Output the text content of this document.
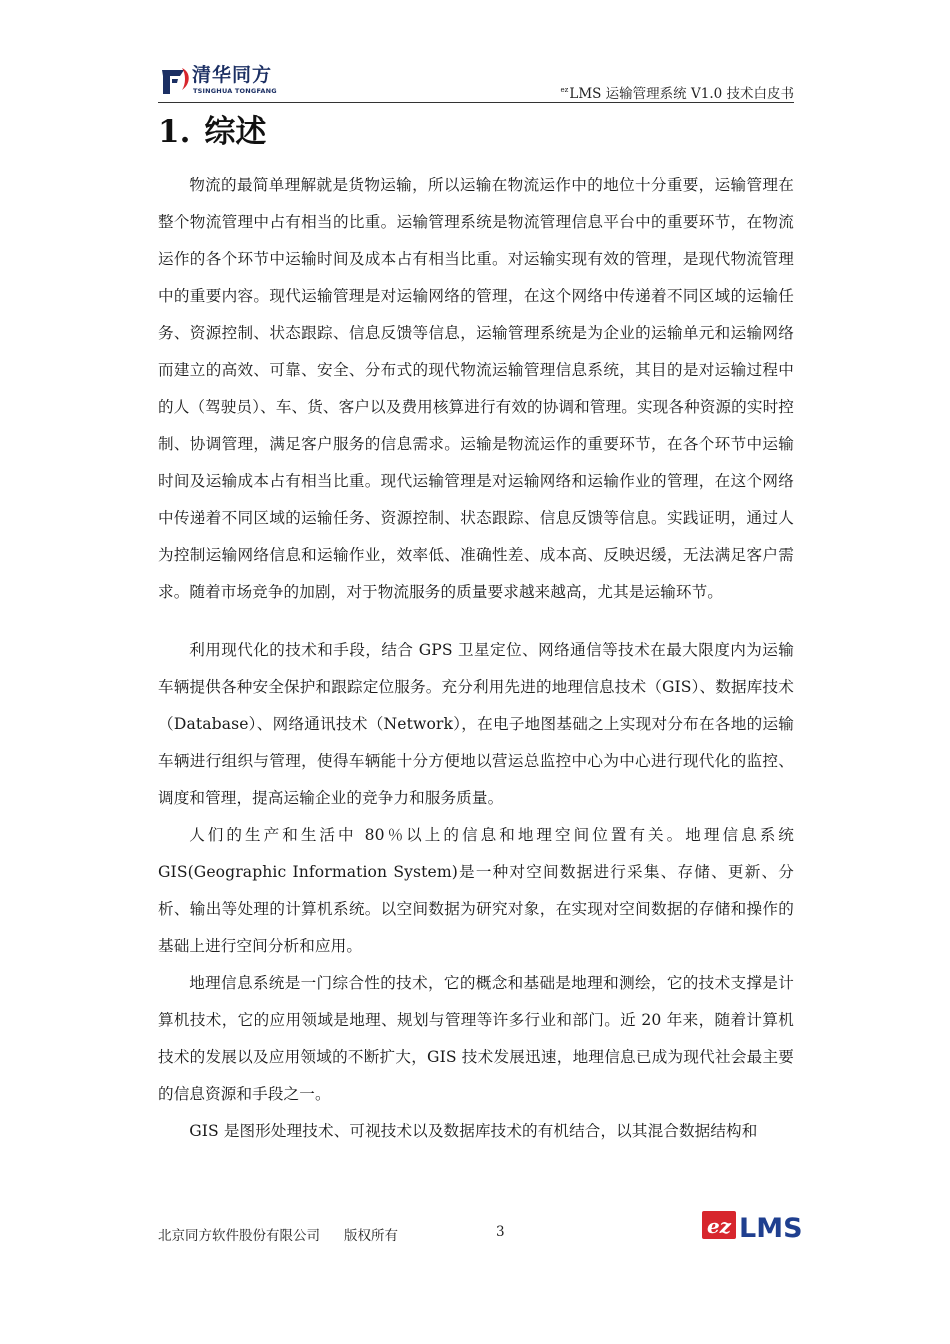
清华同方
TSINGHUA TONGFANG	$^{ez}$LMS 运输管理系统 V1.0 技术白皮书
1. 综述

物流的最简单理解就是货物运输，所以运输在物流运作中的地位十分重要，运输管理在整个物流管理中占有相当的比重。运输管理系统是物流管理信息平台中的重要环节，在物流运作的各个环节中运输时间及成本占有相当比重。对运输实现有效的管理，是现代物流管理中的重要内容。现代运输管理是对运输网络的管理，在这个网络中传递着不同区域的运输任务、资源控制、状态跟踪、信息反馈等信息，运输管理系统是为企业的运输单元和运输网络而建立的高效、可靠、安全、分布式的现代物流运输管理信息系统，其目的是对运输过程中的人（驾驶员）、车、货、客户以及费用核算进行有效的协调和管理。实现各种资源的实时控制、协调管理，满足客户服务的信息需求。运输是物流运作的重要环节，在各个环节中运输时间及运输成本占有相当比重。现代运输管理是对运输网络和运输作业的管理，在这个网络中传递着不同区域的运输任务、资源控制、状态跟踪、信息反馈等信息。实践证明，通过人为控制运输网络信息和运输作业，效率低、准确性差、成本高、反映迟缓，无法满足客户需求。随着市场竞争的加剧，对于物流服务的质量要求越来越高，尤其是运输环节。

利用现代化的技术和手段，结合 GPS 卫星定位、网络通信等技术在最大限度内为运输车辆提供各种安全保护和跟踪定位服务。充分利用先进的地理信息技术（GIS）、数据库技术（Database）、网络通讯技术（Network），在电子地图基础之上实现对分布在各地的运输车辆进行组织与管理，使得车辆能十分方便地以营运总监控中心为中心进行现代化的监控、调度和管理，提高运输企业的竞争力和服务质量。

人们的生产和生活中 80％以上的信息和地理空间位置有关。地理信息系统 GIS(Geographic Information System)是一种对空间数据进行采集、存储、更新、分析、输出等处理的计算机系统。以空间数据为研究对象，在实现对空间数据的存储和操作的基础上进行空间分析和应用。

地理信息系统是一门综合性的技术，它的概念和基础是地理和测绘，它的技术支撑是计算机技术，它的应用领域是地理、规划与管理等许多行业和部门。近 20 年来，随着计算机技术的发展以及应用领域的不断扩大，GIS 技术发展迅速，地理信息已成为现代社会最主要的信息资源和手段之一。

GIS 是图形处理技术、可视技术以及数据库技术的有机结合，以其混合数据结构和

北京同方软件股份有限公司 版权所有	3	ez LMS
